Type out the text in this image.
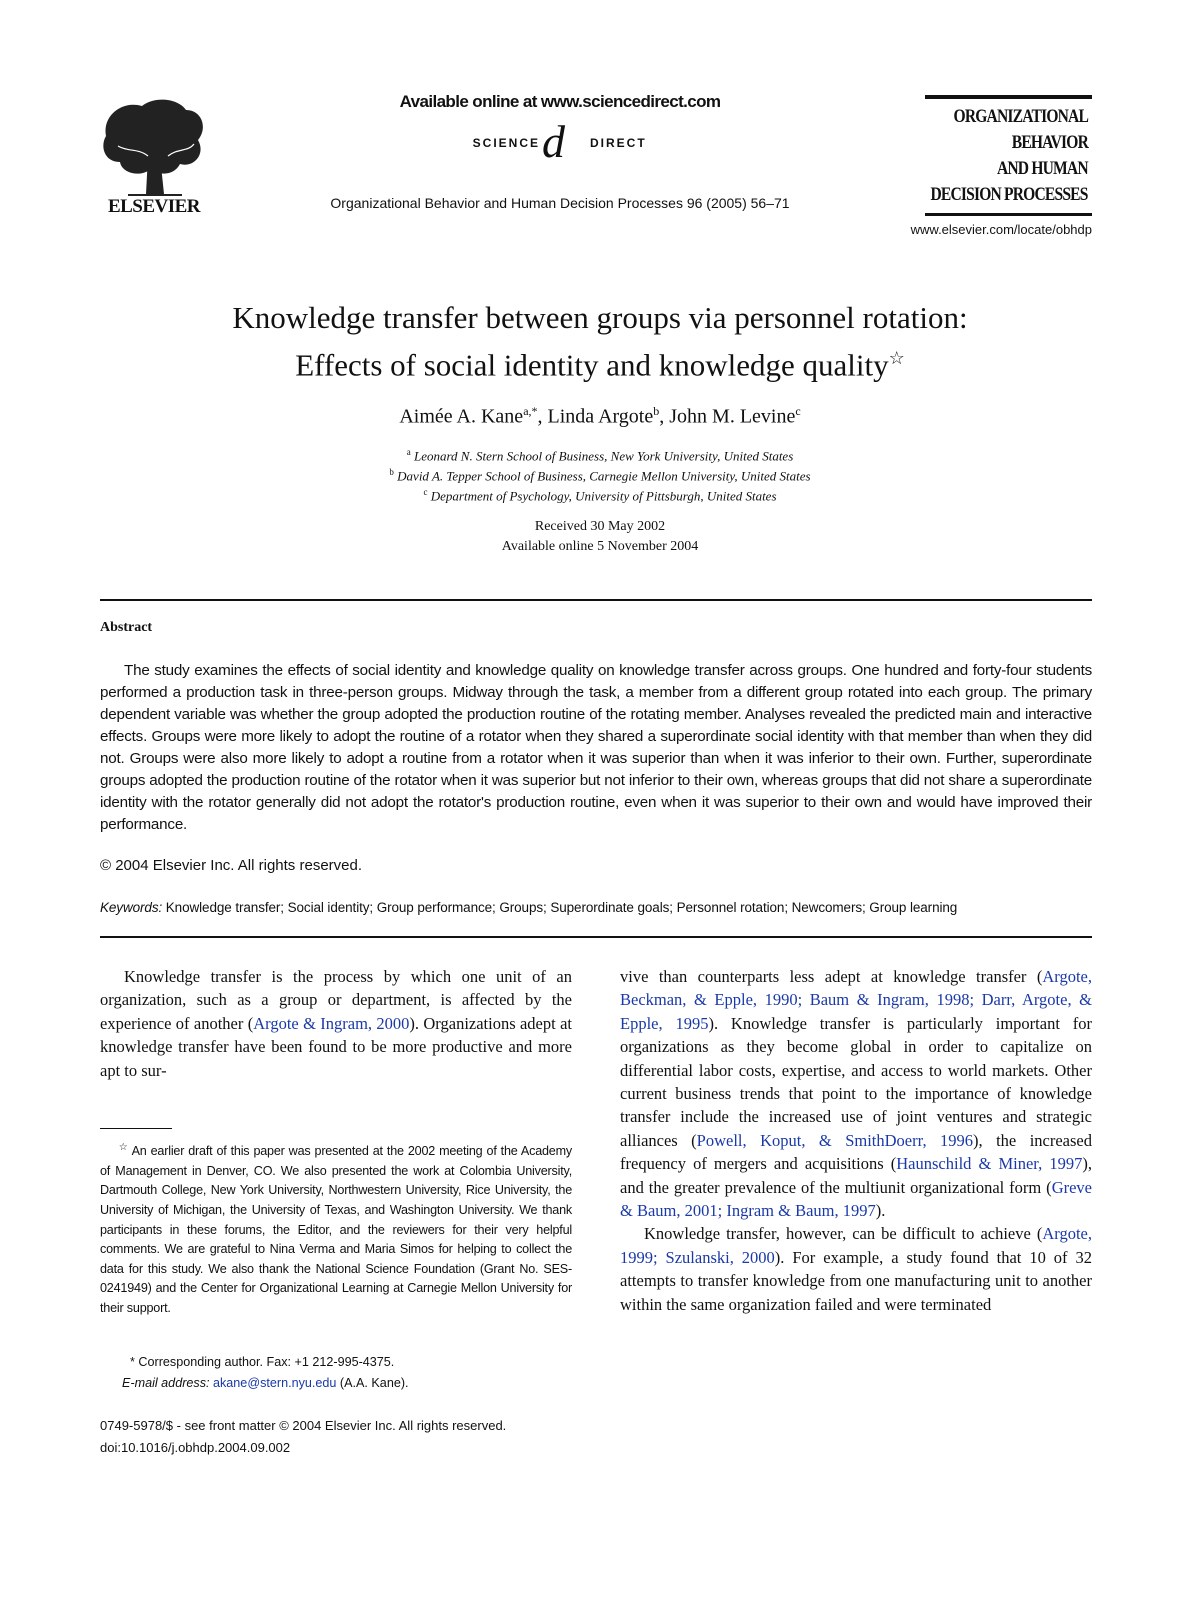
ELSEVIER
Available online at www.sciencedirect.com
SCIENCE d DIRECT
Organizational Behavior and Human Decision Processes 96 (2005) 56–71
ORGANIZATIONAL
BEHAVIOR
AND HUMAN
DECISION PROCESSES
www.elsevier.com/locate/obhdp
Knowledge transfer between groups via personnel rotation:
Effects of social identity and knowledge quality☆
Aimée A. Kane$^{a,*}$, Linda Argote$^b$, John M. Levine$^c$
$^a$ Leonard N. Stern School of Business, New York University, United States
$^b$ David A. Tepper School of Business, Carnegie Mellon University, United States
$^c$ Department of Psychology, University of Pittsburgh, United States
Received 30 May 2002
Available online 5 November 2004
Abstract
The study examines the effects of social identity and knowledge quality on knowledge transfer across groups. One hundred and forty-four students performed a production task in three-person groups. Midway through the task, a member from a different group rotated into each group. The primary dependent variable was whether the group adopted the production routine of the rotating member. Analyses revealed the predicted main and interactive effects. Groups were more likely to adopt the routine of a rotator when they shared a superordinate social identity with that member than when they did not. Groups were also more likely to adopt a routine from a rotator when it was superior than when it was inferior to their own. Further, superordinate groups adopted the production routine of the rotator when it was superior but not inferior to their own, whereas groups that did not share a superordinate identity with the rotator generally did not adopt the rotator's production routine, even when it was superior to their own and would have improved their performance.
© 2004 Elsevier Inc. All rights reserved.
Keywords: Knowledge transfer; Social identity; Group performance; Groups; Superordinate goals; Personnel rotation; Newcomers; Group learning
Knowledge transfer is the process by which one unit of an organization, such as a group or department, is affected by the experience of another (Argote & Ingram, 2000). Organizations adept at knowledge transfer have been found to be more productive and more apt to sur-

vive than counterparts less adept at knowledge transfer (Argote, Beckman, & Epple, 1990; Baum & Ingram, 1998; Darr, Argote, & Epple, 1995). Knowledge transfer is particularly important for organizations as they become global in order to capitalize on differential labor costs, expertise, and access to world markets. Other current business trends that point to the importance of knowledge transfer include the increased use of joint ventures and strategic alliances (Powell, Koput, & SmithDoerr, 1996), the increased frequency of mergers and acquisitions (Haunschild & Miner, 1997), and the greater prevalence of the multiunit organizational form (Greve & Baum, 2001; Ingram & Baum, 1997).

Knowledge transfer, however, can be difficult to achieve (Argote, 1999; Szulanski, 2000). For example, a study found that 10 of 32 attempts to transfer knowledge from one manufacturing unit to another within the same organization failed and were terminated

☆ An earlier draft of this paper was presented at the 2002 meeting of the Academy of Management in Denver, CO. We also presented the work at Colombia University, Dartmouth College, New York University, Northwestern University, Rice University, the University of Michigan, the University of Texas, and Washington University. We thank participants in these forums, the Editor, and the reviewers for their very helpful comments. We are grateful to Nina Verma and Maria Simos for helping to collect the data for this study. We also thank the National Science Foundation (Grant No. SES-0241949) and the Center for Organizational Learning at Carnegie Mellon University for their support.
* Corresponding author. Fax: +1 212-995-4375.
E-mail address: akane@stern.nyu.edu (A.A. Kane).
0749-5978/$ - see front matter © 2004 Elsevier Inc. All rights reserved.
doi:10.1016/j.obhdp.2004.09.002
